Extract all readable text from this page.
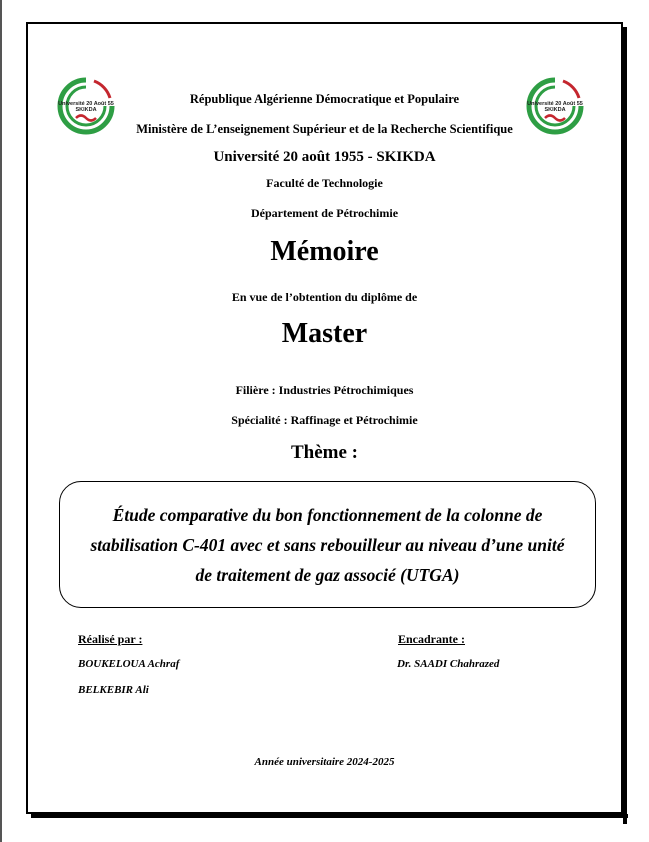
Université 20 Août 55
SKIKDA
Université 20 Août 55
SKIKDA
République Algérienne Démocratique et Populaire
Ministère de L’enseignement Supérieur et de la Recherche Scientifique
Université 20 août 1955 - SKIKDA
Faculté de Technologie
Département de Pétrochimie
Mémoire
En vue de l’obtention du diplôme de
Master
Filière : Industries Pétrochimiques
Spécialité : Raffinage et Pétrochimie
Thème :
Étude comparative du bon fonctionnement de la colonne de stabilisation C-401 avec et sans rebouilleur au niveau d’une unité de traitement de gaz associé (UTGA)
Réalisé par :
BOUKELOUA Achraf
BELKEBIR Ali
Encadrante :
Dr. SAADI Chahrazed
Année universitaire 2024-2025
